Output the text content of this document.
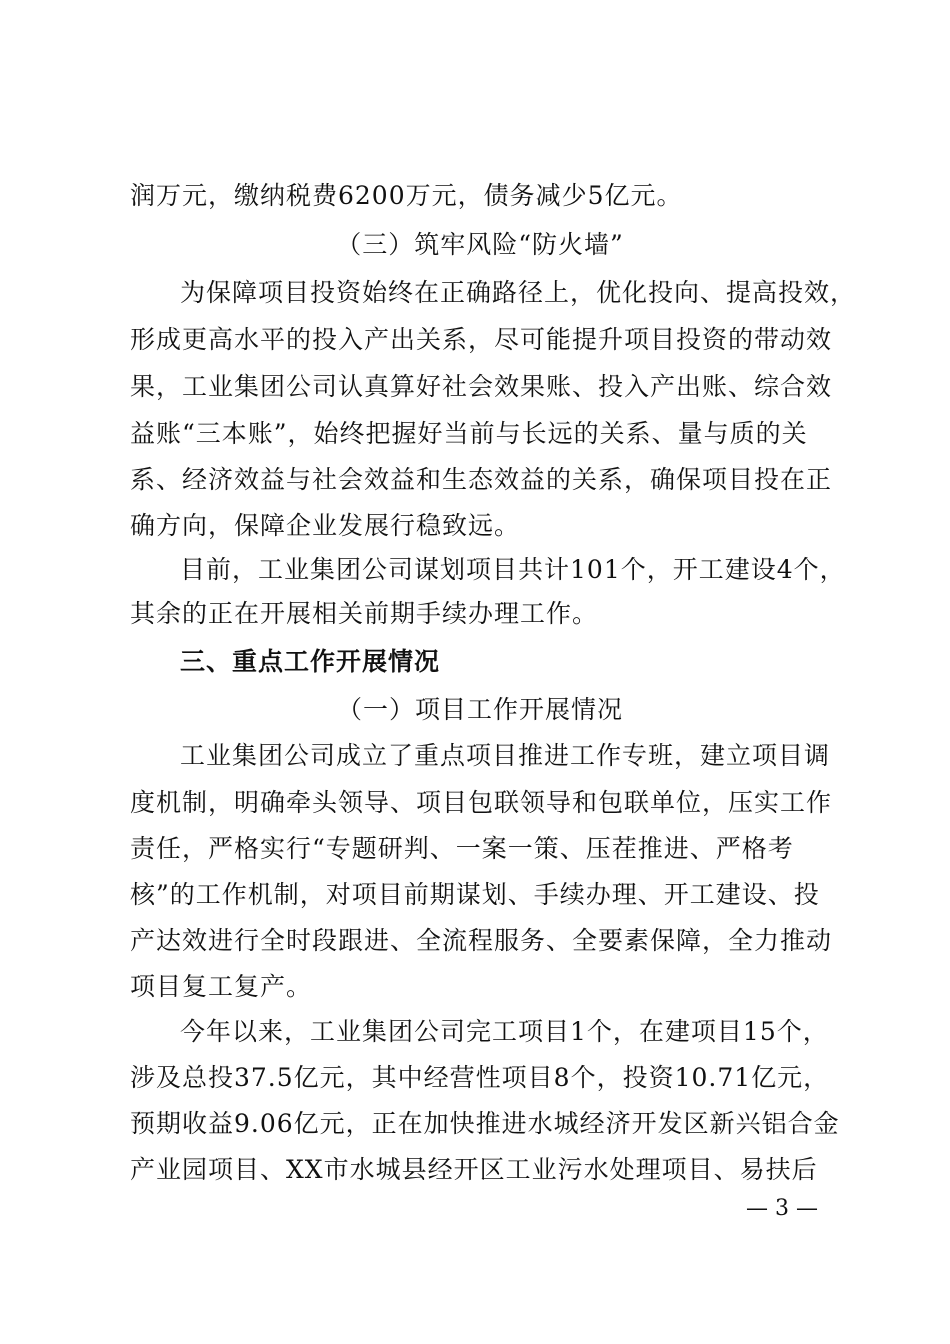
润万元，缴纳税费6200万元，债务减少5亿元。
（三）筑牢风险“防火墙”
为保障项目投资始终在正确路径上，优化投向、提高投效，
形成更高水平的投入产出关系，尽可能提升项目投资的带动效
果，工业集团公司认真算好社会效果账、投入产出账、综合效
益账“三本账”，始终把握好当前与长远的关系、量与质的关
系、经济效益与社会效益和生态效益的关系，确保项目投在正
确方向，保障企业发展行稳致远。
目前，工业集团公司谋划项目共计101个，开工建设4个，
其余的正在开展相关前期手续办理工作。
三、重点工作开展情况
（一）项目工作开展情况
工业集团公司成立了重点项目推进工作专班，建立项目调
度机制，明确牵头领导、项目包联领导和包联单位，压实工作
责任，严格实行“专题研判、一案一策、压茬推进、严格考
核”的工作机制，对项目前期谋划、手续办理、开工建设、投
产达效进行全时段跟进、全流程服务、全要素保障，全力推动
项目复工复产。
今年以来，工业集团公司完工项目1个，在建项目15个，
涉及总投37.5亿元，其中经营性项目8个，投资10.71亿元，
预期收益9.06亿元，正在加快推进水城经济开发区新兴铝合金
产业园项目、XX市水城县经开区工业污水处理项目、易扶后
— 3 —
